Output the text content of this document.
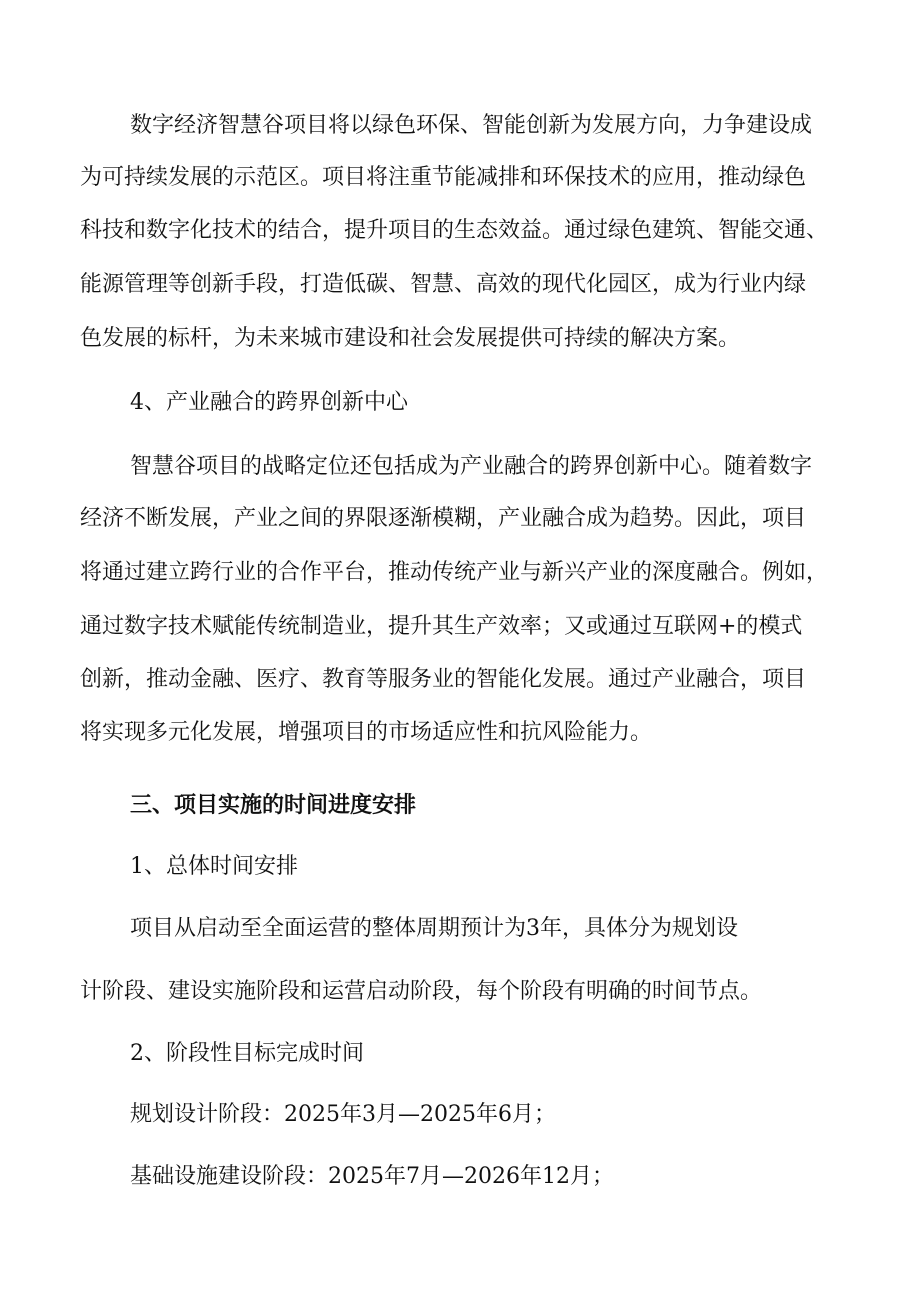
数字经济智慧谷项目将以绿色环保、智能创新为发展方向，力争建设成
为可持续发展的示范区。项目将注重节能减排和环保技术的应用，推动绿色
科技和数字化技术的结合，提升项目的生态效益。通过绿色建筑、智能交通、
能源管理等创新手段，打造低碳、智慧、高效的现代化园区，成为行业内绿
色发展的标杆，为未来城市建设和社会发展提供可持续的解决方案。
4、产业融合的跨界创新中心
智慧谷项目的战略定位还包括成为产业融合的跨界创新中心。随着数字
经济不断发展，产业之间的界限逐渐模糊，产业融合成为趋势。因此，项目
将通过建立跨行业的合作平台，推动传统产业与新兴产业的深度融合。例如，
通过数字技术赋能传统制造业，提升其生产效率；又或通过互联网+的模式
创新，推动金融、医疗、教育等服务业的智能化发展。通过产业融合，项目
将实现多元化发展，增强项目的市场适应性和抗风险能力。
三、项目实施的时间进度安排
1、总体时间安排
项目从启动至全面运营的整体周期预计为3年，具体分为规划设
计阶段、建设实施阶段和运营启动阶段，每个阶段有明确的时间节点。
2、阶段性目标完成时间
规划设计阶段：2025年3月—2025年6月；
基础设施建设阶段：2025年7月—2026年12月；
